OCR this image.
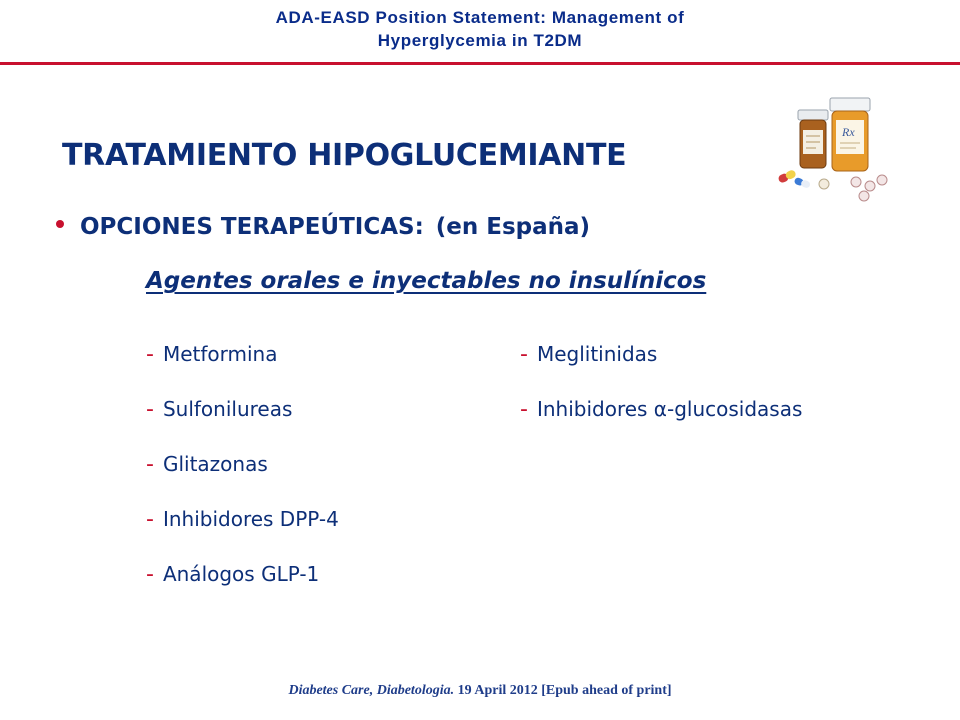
ADA-EASD Position Statement: Management of
Hyperglycemia in T2DM
TRATAMIENTO HIPOGLUCEMIANTE
OPCIONES TERAPEÚTICAS: (en España)
Agentes orales e inyectables no insulínicos
- Metformina
- Sulfonilureas
- Glitazonas
- Inhibidores DPP-4
- Análogos GLP-1
- Meglitinidas
- Inhibidores α-glucosidasas
Rx
Diabetes Care, Diabetologia. 19 April 2012 [Epub ahead of print]
